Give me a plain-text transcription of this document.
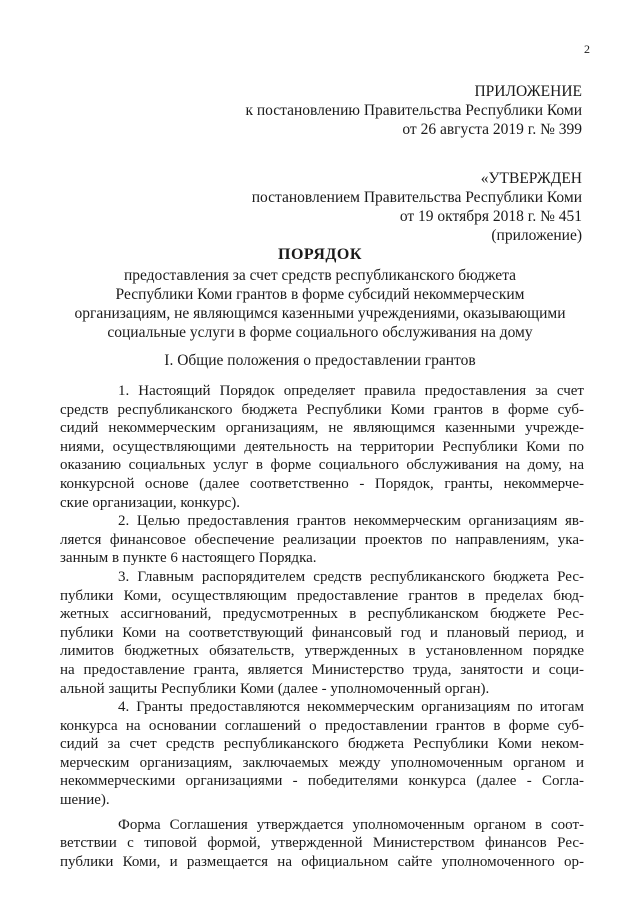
2
ПРИЛОЖЕНИЕ
к постановлению Правительства Республики Коми
от 26 августа 2019 г. № 399
«УТВЕРЖДЕН
постановлением Правительства Республики Коми
от 19 октября 2018 г. № 451
(приложение)
ПОРЯДОК
предоставления за счет средств республиканского бюджета
Республики Коми грантов в форме субсидий некоммерческим
организациям, не являющимся казенными учреждениями, оказывающими
социальные услуги в форме социального обслуживания на дому
I. Общие положения о предоставлении грантов
1. Настоящий Порядок определяет правила предоставления за счет
средств республиканского бюджета Республики Коми грантов в форме суб-
сидий некоммерческим организациям, не являющимся казенными учрежде-
ниями, осуществляющими деятельность на территории Республики Коми по
оказанию социальных услуг в форме социального обслуживания на дому, на
конкурсной основе (далее соответственно - Порядок, гранты, некоммерче-
ские организации, конкурс).
2. Целью предоставления грантов некоммерческим организациям яв-
ляется финансовое обеспечение реализации проектов по направлениям, ука-
занным в пункте 6 настоящего Порядка.
3. Главным распорядителем средств республиканского бюджета Рес-
публики Коми, осуществляющим предоставление грантов в пределах бюд-
жетных ассигнований, предусмотренных в республиканском бюджете Рес-
публики Коми на соответствующий финансовый год и плановый период, и
лимитов бюджетных обязательств, утвержденных в установленном порядке
на предоставление гранта, является Министерство труда, занятости и соци-
альной защиты Республики Коми (далее - уполномоченный орган).
4. Гранты предоставляются некоммерческим организациям по итогам
конкурса на основании соглашений о предоставлении грантов в форме суб-
сидий за счет средств республиканского бюджета Республики Коми неком-
мерческим организациям, заключаемых между уполномоченным органом и
некоммерческими организациями - победителями конкурса (далее - Согла-
шение).
Форма Соглашения утверждается уполномоченным органом в соот-
ветствии с типовой формой, утвержденной Министерством финансов Рес-
публики Коми, и размещается на официальном сайте уполномоченного ор-
